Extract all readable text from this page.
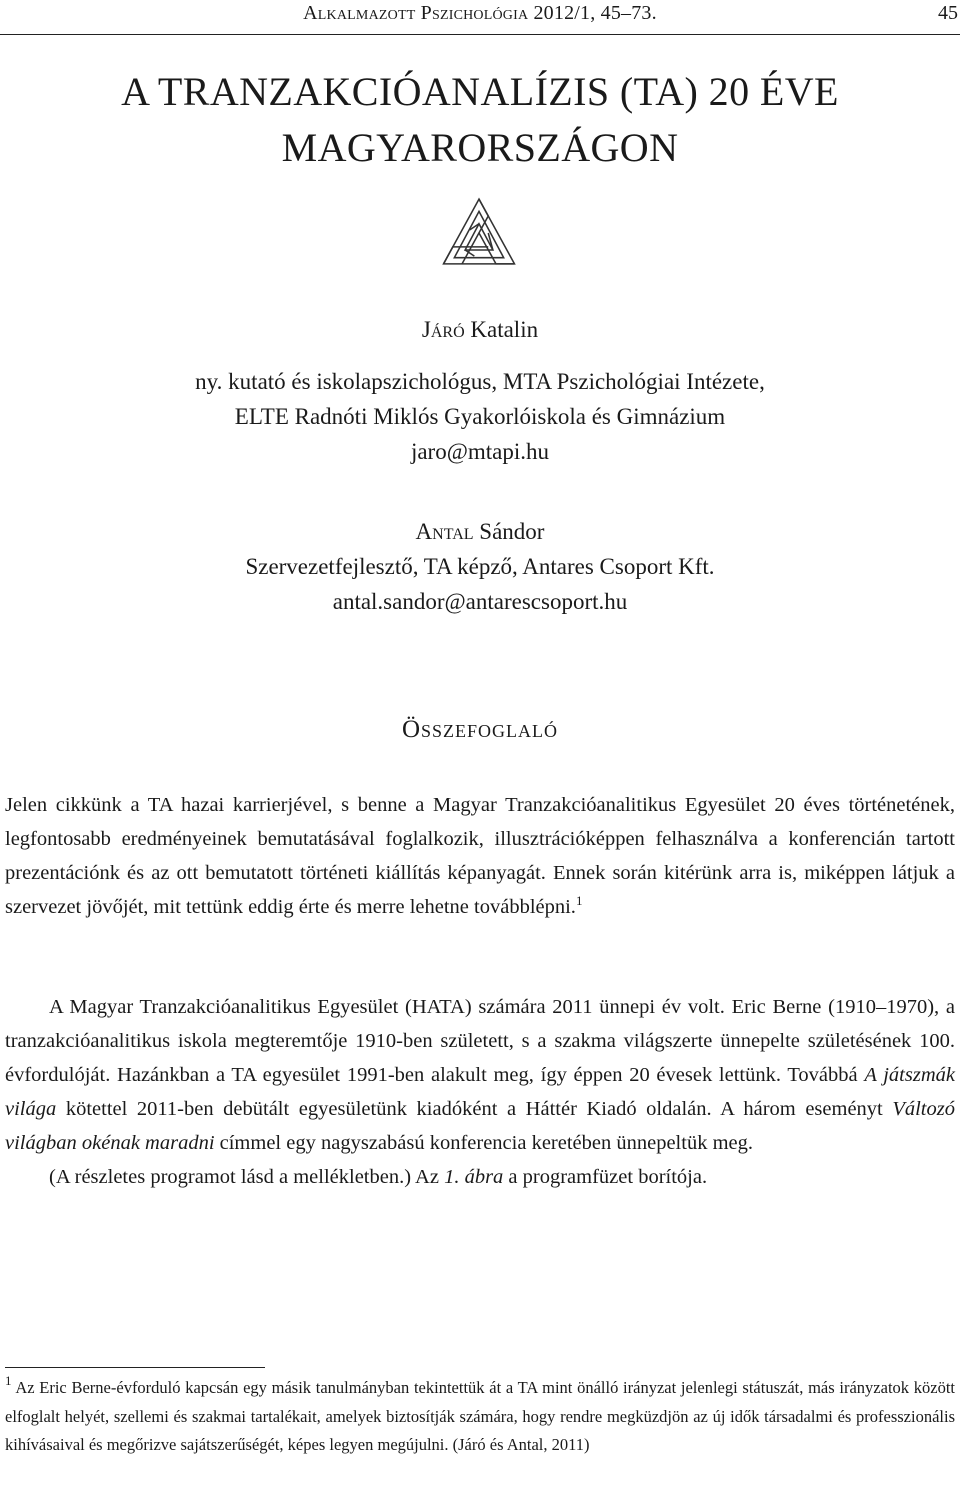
Alkalmazott Pszichológia 2012/1, 45–73.	45
A TRANZAKCIÓANALÍZIS (TA) 20 ÉVE
MAGYARORSZÁGON
Járó Katalin
ny. kutató és iskolapszichológus, MTA Pszichológiai Intézete,
ELTE Radnóti Miklós Gyakorlóiskola és Gimnázium
jaro@mtapi.hu
Antal Sándor
Szervezetfejlesztő, TA képző, Antares Csoport Kft.
antal.sandor@antarescsoport.hu
Összefoglaló

Jelen cikkünk a TA hazai karrierjével, s benne a Magyar Tranzakcióanalitikus Egyesület 20 éves történetének, legfontosabb eredményeinek bemutatásával foglalkozik, illusztrációképpen felhasználva a konferencián tartott prezentációnk és az ott bemutatott történeti kiállítás képanyagát. Ennek során kitérünk arra is, miképpen látjuk a szervezet jövőjét, mit tettünk eddig érte és merre lehetne továbblépni.$^1$

A Magyar Tranzakcióanalitikus Egyesület (HATA) számára 2011 ünnepi év volt. Eric Berne (1910–1970), a tranzakcióanalitikus iskola megteremtője 1910-ben született, s a szakma világszerte ünnepelte születésének 100. évfordulóját. Hazánkban a TA egyesület 1991-ben alakult meg, így éppen 20 évesek lettünk. Továbbá A játszmák világa kötettel 2011-ben debütált egyesületünk kiadóként a Háttér Kiadó oldalán. A három eseményt Változó világban okénak maradni címmel egy nagyszabású konferencia keretében ünnepeltük meg.

(A részletes programot lásd a mellékletben.) Az 1. ábra a programfüzet borítója.

$^1$ Az Eric Berne-évforduló kapcsán egy másik tanulmányban tekintettük át a TA mint önálló irányzat jelenlegi státuszát, más irányzatok között elfoglalt helyét, szellemi és szakmai tartalékait, amelyek biztosítják számára, hogy rendre megküzdjön az új idők társadalmi és professzionális kihívásaival és megőrizve sajátszerűségét, képes legyen megújulni. (Járó és Antal, 2011)
